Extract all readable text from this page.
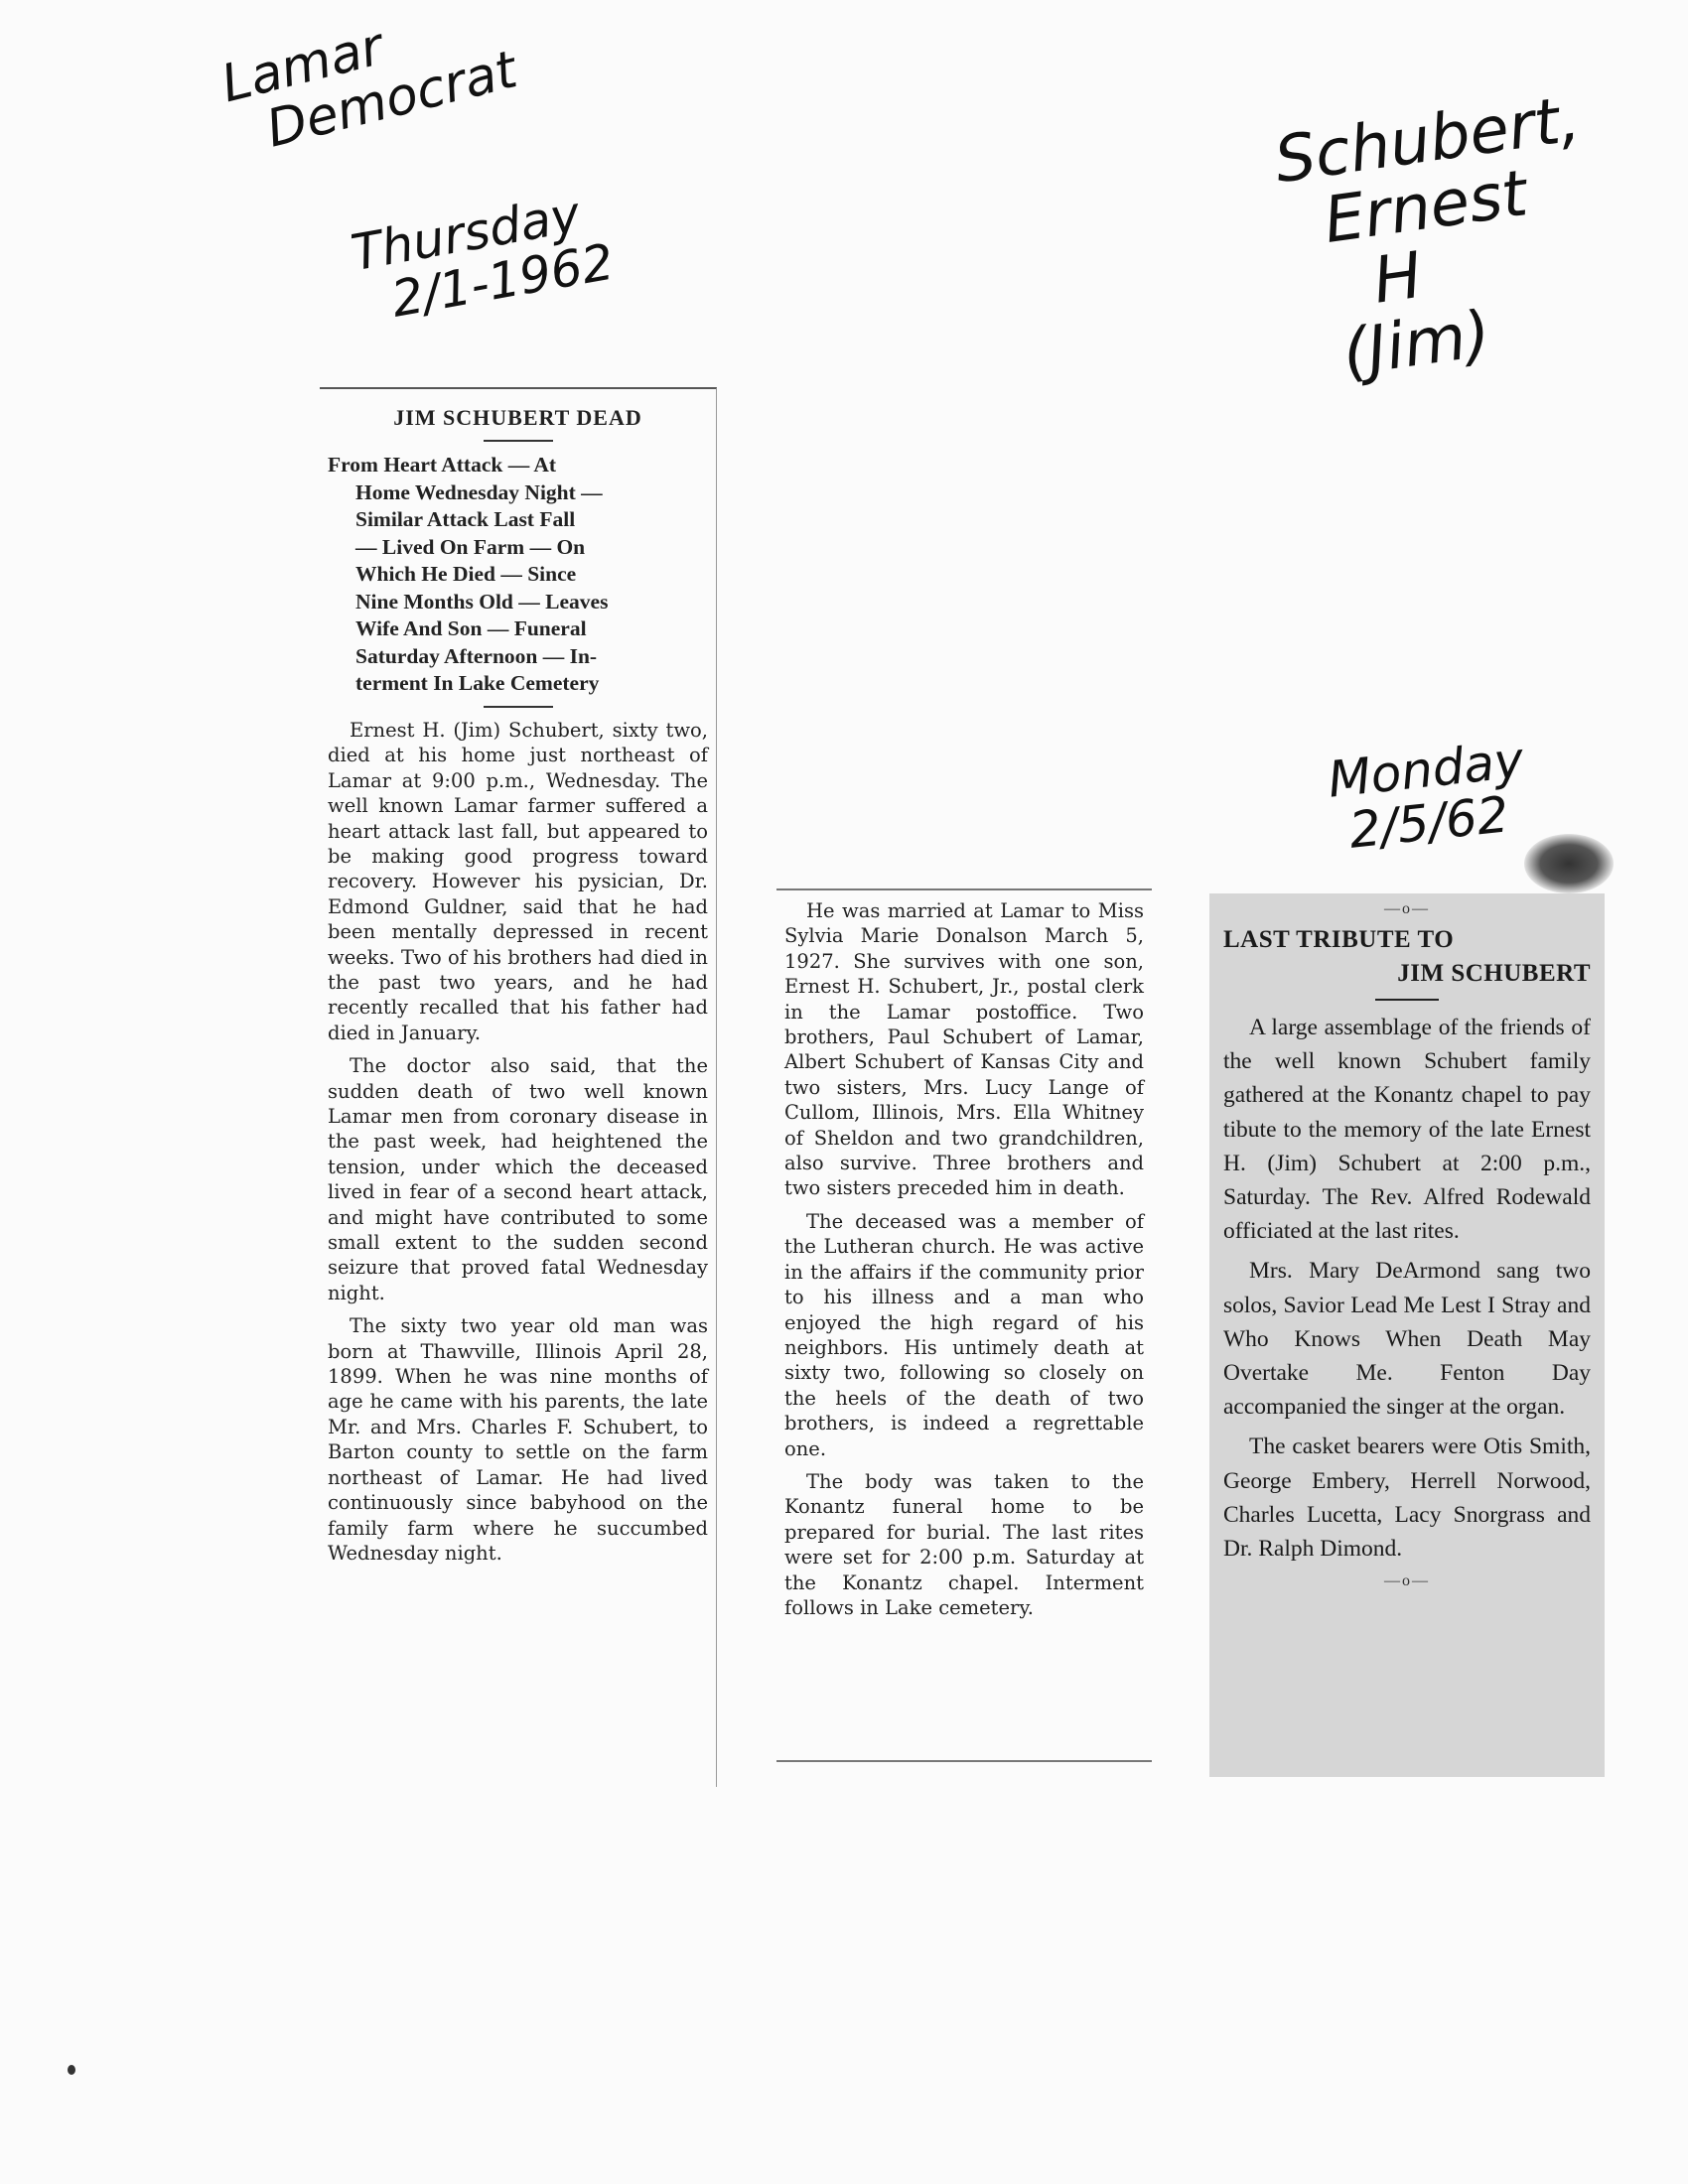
Lamar
Democrat
Thursday
2/1-1962
Schubert,
Ernest
H
(Jim)
Monday
2/5/62
JIM SCHUBERT DEAD
From Heart Attack — At
Home Wednesday Night —
Similar Attack Last Fall
— Lived On Farm — On
Which He Died — Since
Nine Months Old — Leaves
Wife And Son — Funeral
Saturday Afternoon — In-
terment In Lake Cemetery

Ernest H. (Jim) Schubert, sixty two, died at his home just northeast of Lamar at 9:00 p.m., Wednesday. The well known Lamar farmer suffered a heart attack last fall, but appeared to be making good progress toward recovery. However his pysician, Dr. Edmond Guldner, said that he had been mentally depressed in recent weeks. Two of his brothers had died in the past two years, and he had recently recalled that his father had died in January.

The doctor also said, that the sudden death of two well known Lamar men from coronary disease in the past week, had heightened the tension, under which the deceased lived in fear of a second heart attack, and might have contributed to some small extent to the sudden second seizure that proved fatal Wednesday night.

The sixty two year old man was born at Thawville, Illinois April 28, 1899. When he was nine months of age he came with his parents, the late Mr. and Mrs. Charles F. Schubert, to Barton county to settle on the farm northeast of Lamar. He had lived continuously since babyhood on the family farm where he succumbed Wednesday night.

He was married at Lamar to Miss Sylvia Marie Donalson March 5, 1927. She survives with one son, Ernest H. Schubert, Jr., postal clerk in the Lamar postoffice. Two brothers, Paul Schubert of Lamar, Albert Schubert of Kansas City and two sisters, Mrs. Lucy Lange of Cullom, Illinois, Mrs. Ella Whitney of Sheldon and two grandchildren, also survive. Three brothers and two sisters preceded him in death.

The deceased was a member of the Lutheran church. He was active in the affairs if the community prior to his illness and a man who enjoyed the high regard of his neighbors. His untimely death at sixty two, following so closely on the heels of the death of two brothers, is indeed a regrettable one.

The body was taken to the Konantz funeral home to be prepared for burial. The last rites were set for 2:00 p.m. Saturday at the Konantz chapel. Interment follows in Lake cemetery.

—o—
LAST TRIBUTE TO
JIM SCHUBERT

A large assemblage of the friends of the well known Schubert family gathered at the Konantz chapel to pay tibute to the memory of the late Ernest H. (Jim) Schubert at 2:00 p.m., Saturday. The Rev. Alfred Rodewald officiated at the last rites.

Mrs. Mary DeArmond sang two solos, Savior Lead Me Lest I Stray and Who Knows When Death May Overtake Me. Fenton Day accompanied the singer at the organ.

The casket bearers were Otis Smith, George Embery, Herrell Norwood, Charles Lucetta, Lacy Snorgrass and Dr. Ralph Dimond.

—o—
